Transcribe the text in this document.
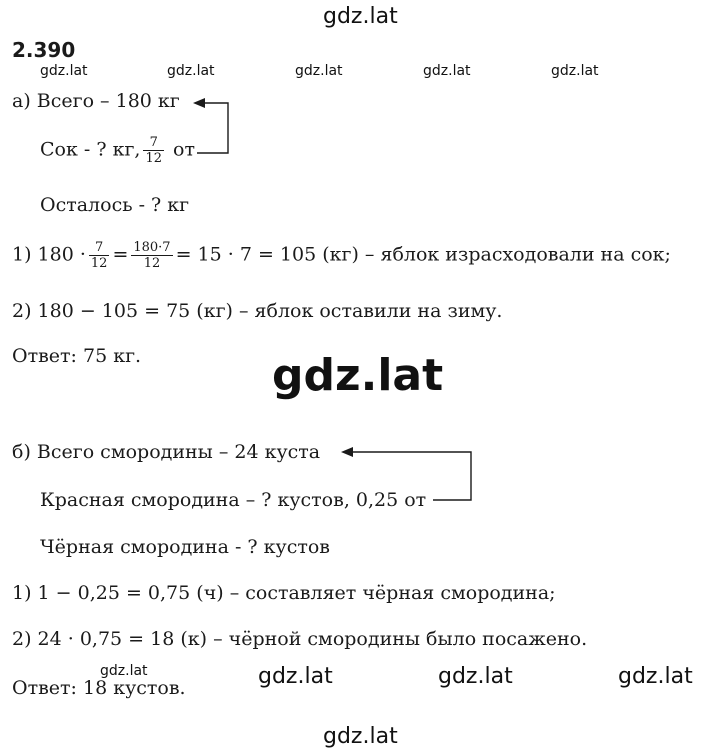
gdz.lat
gdz.lat	gdz.lat	gdz.lat	gdz.lat	gdz.lat
gdz.lat
gdz.lat	gdz.lat	gdz.lat	gdz.lat
gdz.lat
2.390
а) Всего – 180 кг
Сок - ? кг, $\frac{7}{12}$ от
Осталось - ? кг
1) $180 \cdot \frac{7}{12} = \frac{180\cdot 7}{12} = 15 \cdot 7 = 105$ (кг) – яблок израсходовали на сок;
2) 180 − 105 = 75 (кг) – яблок оставили на зиму.
Ответ: 75 кг.
б) Всего смородины – 24 куста
Красная смородина – ? кустов, 0,25 от
Чёрная смородина - ? кустов
1) 1 − 0,25 = 0,75 (ч) – составляет чёрная смородина;
2) 24 · 0,75 = 18 (к) – чёрной смородины было посажено.
Ответ: 18 кустов.
